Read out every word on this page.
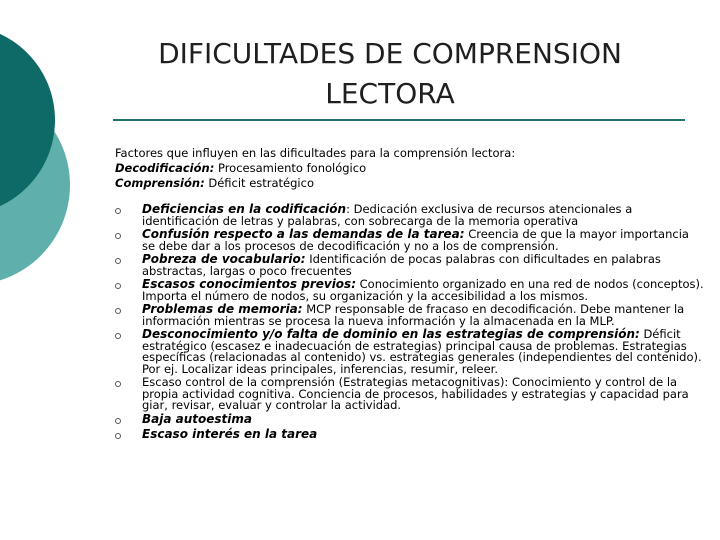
DIFICULTADES DE COMPRENSION
LECTORA
Factores que influyen en las dificultades para la comprensión lectora:
Decodificación: Procesamiento fonológico
Comprensión: Déficit estratégico
Deficiencias en la codificación: Dedicación exclusiva de recursos atencionales a identificación de letras y palabras, con sobrecarga de la memoria operativa
Confusión respecto a las demandas de la tarea: Creencia de que la mayor importancia se debe dar a los procesos de decodificación y no a los de comprensión.
Pobreza de vocabulario: Identificación de pocas palabras con dificultades en palabras abstractas, largas o poco frecuentes
Escasos conocimientos previos: Conocimiento organizado en una red de nodos (conceptos). Importa el número de nodos, su organización y la accesibilidad a los mismos.
Problemas de memoria: MCP responsable de fracaso en decodificación. Debe mantener la información mientras se procesa la nueva información y la almacenada en la MLP.
Desconocimiento y/o falta de dominio en las estrategias de comprensión: Déficit estratégico (escasez e inadecuación de estrategias) principal causa de problemas. Estrategias específicas (relacionadas al contenido) vs. estrategias generales (independientes del contenido). Por ej. Localizar ideas principales, inferencias, resumir, releer.
Escaso control de la comprensión (Estrategias metacognitivas): Conocimiento y control de la propia actividad cognitiva. Conciencia de procesos, habilidades y estrategias y capacidad para giar, revisar, evaluar y controlar la actividad.
Baja autoestima
Escaso interés en la tarea
